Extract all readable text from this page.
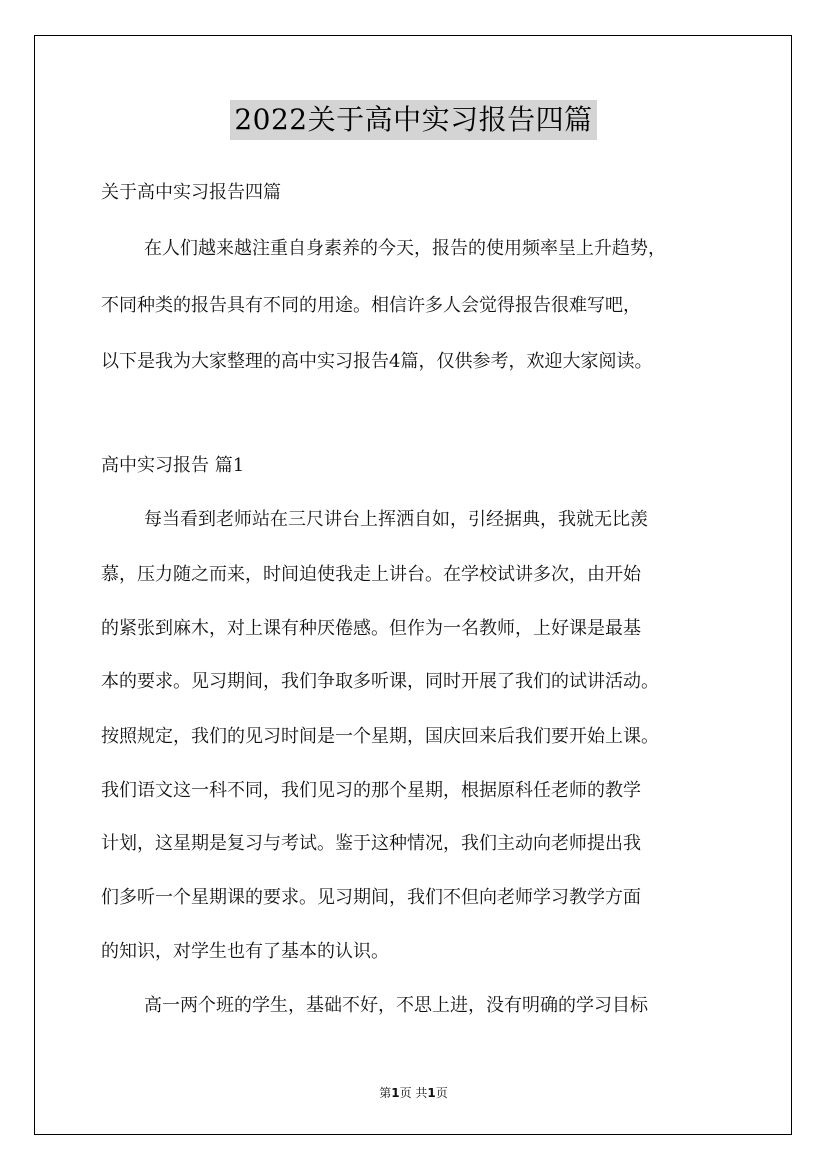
2022关于高中实习报告四篇
关于高中实习报告四篇
在人们越来越注重自身素养的今天，报告的使用频率呈上升趋势，
不同种类的报告具有不同的用途。相信许多人会觉得报告很难写吧，
以下是我为大家整理的高中实习报告4篇，仅供参考，欢迎大家阅读。
高中实习报告 篇1
每当看到老师站在三尺讲台上挥洒自如，引经据典，我就无比羡
慕，压力随之而来，时间迫使我走上讲台。在学校试讲多次，由开始
的紧张到麻木，对上课有种厌倦感。但作为一名教师，上好课是最基
本的要求。见习期间，我们争取多听课，同时开展了我们的试讲活动。
按照规定，我们的见习时间是一个星期，国庆回来后我们要开始上课。
我们语文这一科不同，我们见习的那个星期，根据原科任老师的教学
计划，这星期是复习与考试。鉴于这种情况，我们主动向老师提出我
们多听一个星期课的要求。见习期间，我们不但向老师学习教学方面
的知识，对学生也有了基本的认识。
高一两个班的学生，基础不好，不思上进，没有明确的学习目标
第1页 共1页
